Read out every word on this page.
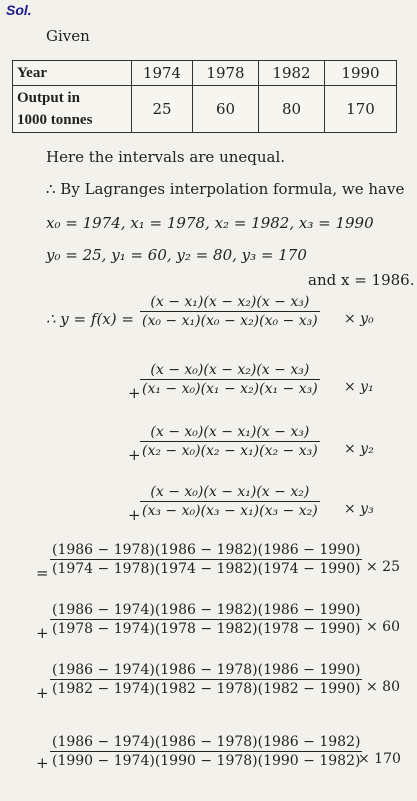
Sol.
Given
Year	1974	1978	1982	1990
Output in
1000 tonnes	25	60	80	170
Here the intervals are unequal.
∴ By Lagranges interpolation formula, we have
x₀ = 1974, x₁ = 1978, x₂ = 1982, x₃ = 1990
y₀ = 25, y₁ = 60, y₂ = 80, y₃ = 170
and x = 1986.
∴ $y = f(x) = \frac{\text{(x − x₁)(x − x₂)(x − x₃)}}{\text{(x₀ − x₁)(x₀ − x₂)(x₀ − x₃)}} \times y_0$
+ $\frac{\text{(x − x₀)(x − x₂)(x − x₃)}}{\text{(x₁ − x₀)(x₁ − x₂)(x₁ − x₃)}} \times y_1$
+ $\frac{\text{(x − x₀)(x − x₁)(x − x₃)}}{\text{(x₂ − x₀)(x₂ − x₁)(x₂ − x₃)}} \times y_2$
+ $\frac{\text{(x − x₀)(x − x₁)(x − x₂)}}{\text{(x₃ − x₀)(x₃ − x₁)(x₃ − x₂)}} \times y_3$
= $\frac{(1986 - 1978)(1986 - 1982)(1986 - 1990)}{(1974 - 1978)(1974 - 1982)(1974 - 1990)} \times 25$
+ $\frac{(1986 - 1974)(1986 - 1982)(1986 - 1990)}{(1978 - 1974)(1978 - 1982)(1978 - 1990)} \times 60$
+ $\frac{(1986 - 1974)(1986 - 1978)(1986 - 1990)}{(1982 - 1974)(1982 - 1978)(1982 - 1990)} \times 80$
+ $\frac{(1986 - 1974)(1986 - 1978)(1986 - 1982)}{(1990 - 1974)(1990 - 1978)(1990 - 1982)}$
× 170
